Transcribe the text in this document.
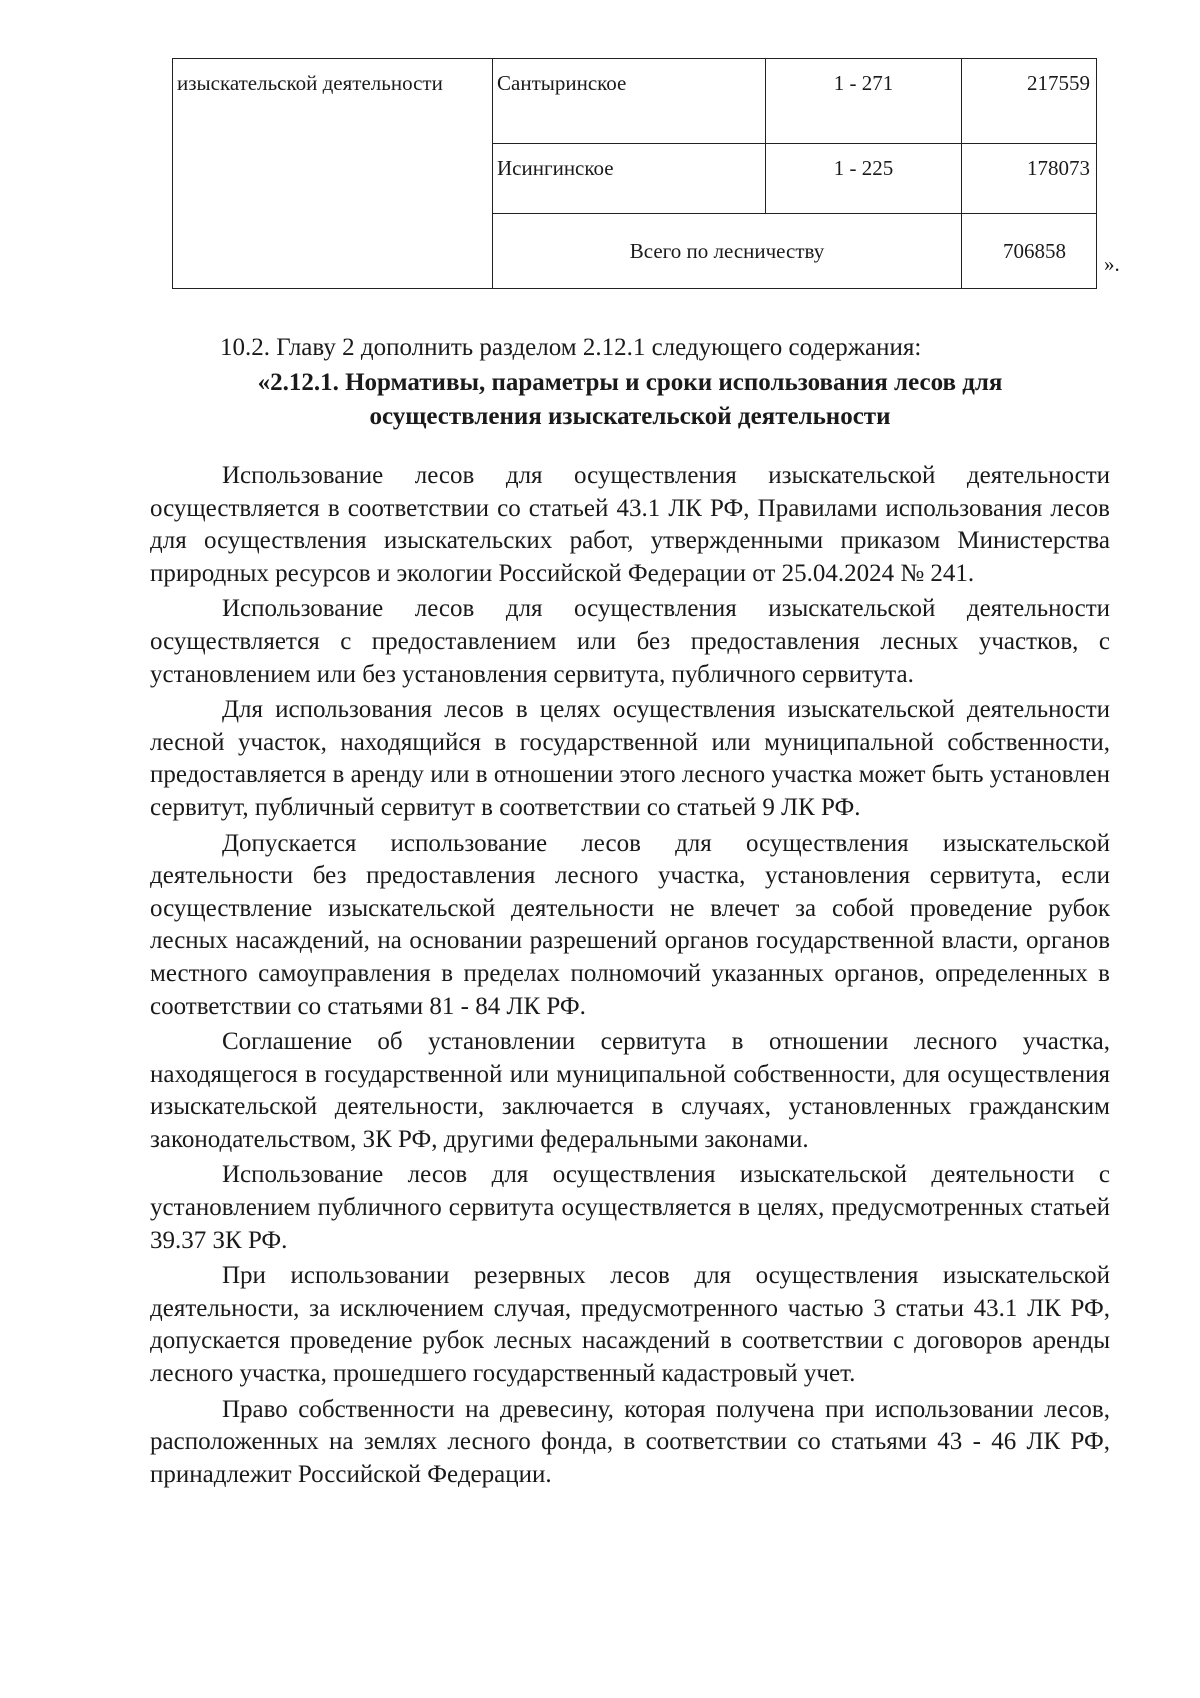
изыскательской деятельности	Сантыринское	1 - 271	217559
	Исингинское	1 - 225	178073
	Всего по лесничеству		706858
».
10.2. Главу 2 дополнить разделом 2.12.1 следующего содержания:
«2.12.1. Нормативы, параметры и сроки использования лесов для
осуществления изыскательской деятельности

Использование лесов для осуществления изыскательской деятельности осуществляется в соответствии со статьей 43.1 ЛК РФ, Правилами использования лесов для осуществления изыскательских работ, утвержденными приказом Министерства природных ресурсов и экологии Российской Федерации от 25.04.2024 № 241.

Использование лесов для осуществления изыскательской деятельности осуществляется с предоставлением или без предоставления лесных участков, с установлением или без установления сервитута, публичного сервитута.

Для использования лесов в целях осуществления изыскательской деятельности лесной участок, находящийся в государственной или муниципальной собственности, предоставляется в аренду или в отношении этого лесного участка может быть установлен сервитут, публичный сервитут в соответствии со статьей 9 ЛК РФ.

Допускается использование лесов для осуществления изыскательской деятельности без предоставления лесного участка, установления сервитута, если осуществление изыскательской деятельности не влечет за собой проведение рубок лесных насаждений, на основании разрешений органов государственной власти, органов местного самоуправления в пределах полномочий указанных органов, определенных в соответствии со статьями 81 - 84 ЛК РФ.

Соглашение об установлении сервитута в отношении лесного участка, находящегося в государственной или муниципальной собственности, для осуществления изыскательской деятельности, заключается в случаях, установленных гражданским законодательством, ЗК РФ, другими федеральными законами.

Использование лесов для осуществления изыскательской деятельности с установлением публичного сервитута осуществляется в целях, предусмотренных статьей 39.37 ЗК РФ.

При использовании резервных лесов для осуществления изыскательской деятельности, за исключением случая, предусмотренного частью 3 статьи 43.1 ЛК РФ, допускается проведение рубок лесных насаждений в соответствии с договоров аренды лесного участка, прошедшего государственный кадастровый учет.

Право собственности на древесину, которая получена при использовании лесов, расположенных на землях лесного фонда, в соответствии со статьями 43 - 46 ЛК РФ, принадлежит Российской Федерации.
